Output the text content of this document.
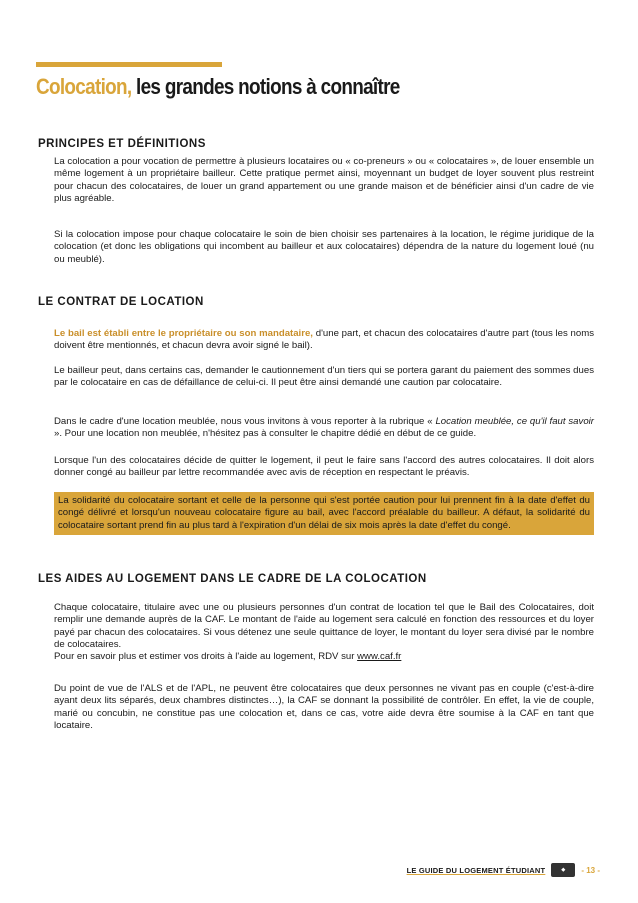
Colocation, les grandes notions à connaître
PRINCIPES ET DÉFINITIONS

La colocation a pour vocation de permettre à plusieurs locataires ou « co-preneurs » ou « colocataires », de louer ensemble un même logement à un propriétaire bailleur. Cette pratique permet ainsi, moyennant un budget de loyer souvent plus restreint pour chacun des colocataires, de louer un grand appartement ou une grande maison et de bénéficier ainsi d'un cadre de vie plus agréable.

Si la colocation impose pour chaque colocataire le soin de bien choisir ses partenaires à la location, le régime juridique de la colocation (et donc les obligations qui incombent au bailleur et aux colocataires) dépendra de la nature du logement loué (nu ou meublé).

LE CONTRAT DE LOCATION

Le bail est établi entre le propriétaire ou son mandataire, d'une part, et chacun des colocataires d'autre part (tous les noms doivent être mentionnés, et chacun devra avoir signé le bail).

Le bailleur peut, dans certains cas, demander le cautionnement d'un tiers qui se portera garant du paiement des sommes dues par le colocataire en cas de défaillance de celui-ci. Il peut être ainsi demandé une caution par colocataire.

Dans le cadre d'une location meublée, nous vous invitons à vous reporter à la rubrique « Location meublée, ce qu'il faut savoir ». Pour une location non meublée, n'hésitez pas à consulter le chapitre dédié en début de ce guide.

Lorsque l'un des colocataires décide de quitter le logement, il peut le faire sans l'accord des autres colocataires. Il doit alors donner congé au bailleur par lettre recommandée avec avis de réception en respectant le préavis.

La solidarité du colocataire sortant et celle de la personne qui s'est portée caution pour lui prennent fin à la date d'effet du congé délivré et lorsqu'un nouveau colocataire figure au bail, avec l'accord préalable du bailleur. A défaut, la solidarité du colocataire sortant prend fin au plus tard à l'expiration d'un délai de six mois après la date d'effet du congé.

LES AIDES AU LOGEMENT DANS LE CADRE DE LA COLOCATION

Chaque colocataire, titulaire avec une ou plusieurs personnes d'un contrat de location tel que le Bail des Colocataires, doit remplir une demande auprès de la CAF. Le montant de l'aide au logement sera calculé en fonction des ressources et du loyer payé par chacun des colocataires. Si vous détenez une seule quittance de loyer, le montant du loyer sera divisé par le nombre de colocataires.
Pour en savoir plus et estimer vos droits à l'aide au logement, RDV sur www.caf.fr

Du point de vue de l'ALS et de l'APL, ne peuvent être colocataires que deux personnes ne vivant pas en couple (c'est-à-dire ayant deux lits séparés, deux chambres distinctes…), la CAF se donnant la possibilité de contrôler. En effet, la vie de couple, marié ou concubin, ne constitue pas une colocation et, dans ce cas, votre aide devra être soumise à la CAF en tant que locataire.

LE GUIDE DU LOGEMENT ÉTUDIANT	◆	- 13 -
